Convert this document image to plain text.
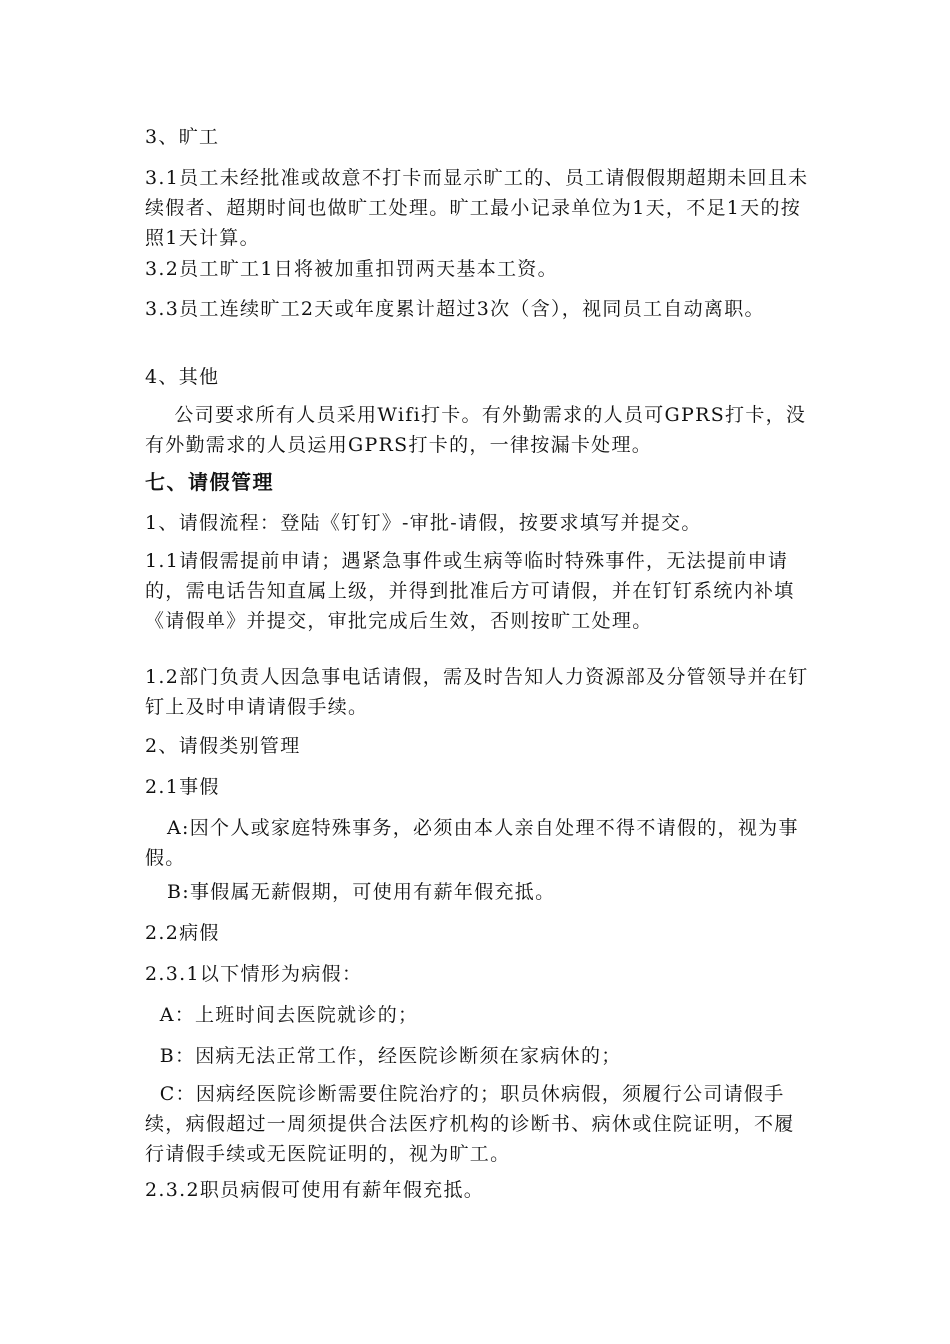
3、旷工

3.1员工未经批准或故意不打卡而显示旷工的、员工请假假期超期未回且未续假者、超期时间也做旷工处理。旷工最小记录单位为1天，不足1天的按照1天计算。

3.2员工旷工1日将被加重扣罚两天基本工资。

3.3员工连续旷工2天或年度累计超过3次（含），视同员工自动离职。

4、其他

公司要求所有人员采用Wifi打卡。有外勤需求的人员可GPRS打卡，没有外勤需求的人员运用GPRS打卡的，一律按漏卡处理。

七、请假管理

1、请假流程：登陆《钉钉》-审批-请假，按要求填写并提交。

1.1请假需提前申请；遇紧急事件或生病等临时特殊事件，无法提前申请的，需电话告知直属上级，并得到批准后方可请假，并在钉钉系统内补填《请假单》并提交，审批完成后生效，否则按旷工处理。

1.2部门负责人因急事电话请假，需及时告知人力资源部及分管领导并在钉钉上及时申请请假手续。

2、请假类别管理

2.1事假

A:因个人或家庭特殊事务，必须由本人亲自处理不得不请假的，视为事假。

B:事假属无薪假期，可使用有薪年假充抵。

2.2病假

2.3.1以下情形为病假：

A：上班时间去医院就诊的；

B：因病无法正常工作，经医院诊断须在家病休的；

C：因病经医院诊断需要住院治疗的；职员休病假，须履行公司请假手续，病假超过一周须提供合法医疗机构的诊断书、病休或住院证明，不履行请假手续或无医院证明的，视为旷工。

2.3.2职员病假可使用有薪年假充抵。
